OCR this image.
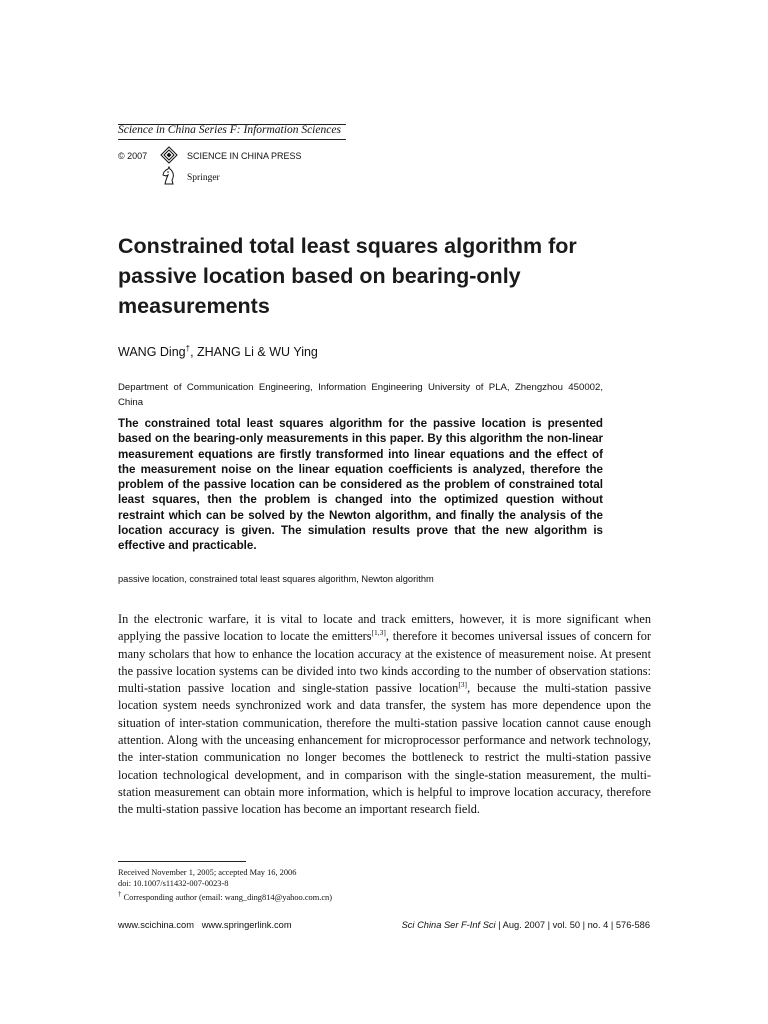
Science in China Series F: Information Sciences
© 2007	SCIENCE IN CHINA PRESS
Springer
Constrained total least squares algorithm for passive location based on bearing-only measurements
WANG Ding†, ZHANG Li & WU Ying
Department of Communication Engineering, Information Engineering University of PLA, Zhengzhou 450002, China
The constrained total least squares algorithm for the passive location is presented based on the bearing-only measurements in this paper. By this algorithm the non-linear measurement equations are firstly transformed into linear equations and the effect of the measurement noise on the linear equation coefficients is analyzed, therefore the problem of the passive location can be considered as the problem of constrained total least squares, then the problem is changed into the optimized question without restraint which can be solved by the Newton algorithm, and finally the analysis of the location accuracy is given. The simulation results prove that the new algorithm is effective and practicable.
passive location, constrained total least squares algorithm, Newton algorithm
In the electronic warfare, it is vital to locate and track emitters, however, it is more significant when applying the passive location to locate the emitters[1,3], therefore it becomes universal issues of concern for many scholars that how to enhance the location accuracy at the existence of measurement noise. At present the passive location systems can be divided into two kinds according to the number of observation stations: multi-station passive location and single-station passive location[3], because the multi-station passive location system needs synchronized work and data transfer, the system has more dependence upon the situation of inter-station communication, therefore the multi-station passive location cannot cause enough attention. Along with the unceasing enhancement for microprocessor performance and network technology, the inter-station communication no longer becomes the bottleneck to restrict the multi-station passive location technological development, and in comparison with the single-station measurement, the multi-station measurement can obtain more information, which is helpful to improve location accuracy, therefore the multi-station passive location has become an important research field.
Received November 1, 2005; accepted May 16, 2006
doi: 10.1007/s11432-007-0023-8
† Corresponding author (email: wang_ding814@yahoo.com.cn)
www.scichina.com www.springerlink.com	Sci China Ser F-Inf Sci | Aug. 2007 | vol. 50 | no. 4 | 576-586
